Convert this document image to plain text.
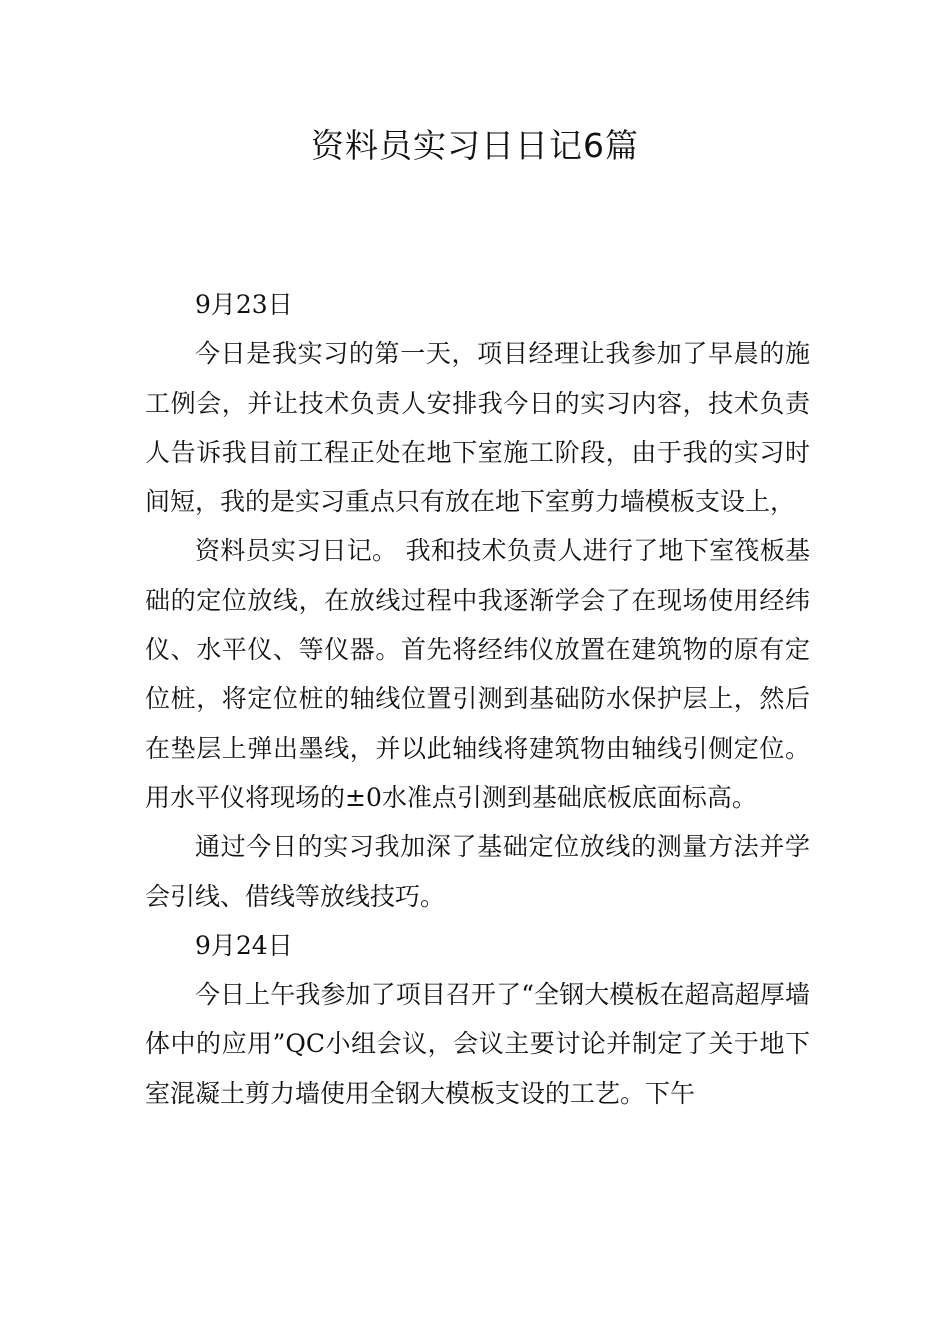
资料员实习日日记6篇

9月23日

今日是我实习的第一天，项目经理让我参加了早晨的施工例会，并让技术负责人安排我今日的实习内容，技术负责人告诉我目前工程正处在地下室施工阶段，由于我的实习时间短，我的是实习重点只有放在地下室剪力墙模板支设上，

资料员实习日记。 我和技术负责人进行了地下室筏板基础的定位放线，在放线过程中我逐渐学会了在现场使用经纬仪、水平仪、等仪器。首先将经纬仪放置在建筑物的原有定位桩，将定位桩的轴线位置引测到基础防水保护层上，然后在垫层上弹出墨线，并以此轴线将建筑物由轴线引侧定位。用水平仪将现场的±0水准点引测到基础底板底面标高。

通过今日的实习我加深了基础定位放线的测量方法并学会引线、借线等放线技巧。

9月24日

今日上午我参加了项目召开了“全钢大模板在超高超厚墙体中的应用”QC小组会议，会议主要讨论并制定了关于地下室混凝土剪力墙使用全钢大模板支设的工艺。下午
